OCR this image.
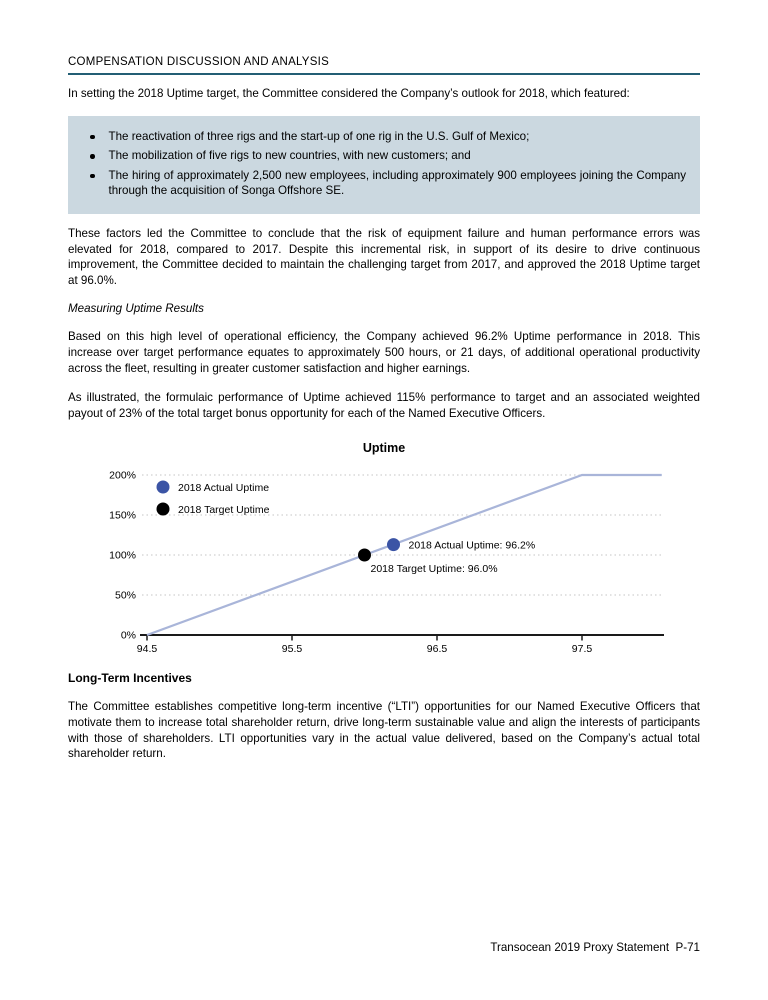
COMPENSATION DISCUSSION AND ANALYSIS

In setting the 2018 Uptime target, the Committee considered the Company’s outlook for 2018, which featured:

The reactivation of three rigs and the start-up of one rig in the U.S. Gulf of Mexico;
The mobilization of five rigs to new countries, with new customers; and
The hiring of approximately 2,500 new employees, including approximately 900 employees joining the Company through the acquisition of Songa Offshore SE.

These factors led the Committee to conclude that the risk of equipment failure and human performance errors was elevated for 2018, compared to 2017. Despite this incremental risk, in support of its desire to drive continuous improvement, the Committee decided to maintain the challenging target from 2017, and approved the 2018 Uptime target at 96.0%.

Measuring Uptime Results

Based on this high level of operational efficiency, the Company achieved 96.2% Uptime performance in 2018. This increase over target performance equates to approximately 500 hours, or 21 days, of additional operational productivity across the fleet, resulting in greater customer satisfaction and higher earnings.

As illustrated, the formulaic performance of Uptime achieved 115% performance to target and an associated weighted payout of 23% of the total target bonus opportunity for each of the Named Executive Officers.

Uptime
0%
50%
100%
150%
200%
94.5	95.5	96.5	97.5
2018 Target Uptime: 96.0%
2018 Actual Uptime: 96.2%
2018 Actual Uptime
2018 Target Uptime
Long-Term Incentives

The Committee establishes competitive long-term incentive (“LTI”) opportunities for our Named Executive Officers that motivate them to increase total shareholder return, drive long-term sustainable value and align the interests of participants with those of shareholders. LTI opportunities vary in the actual value delivered, based on the Company’s actual total shareholder return.

Transocean 2019 Proxy Statement  P-71
